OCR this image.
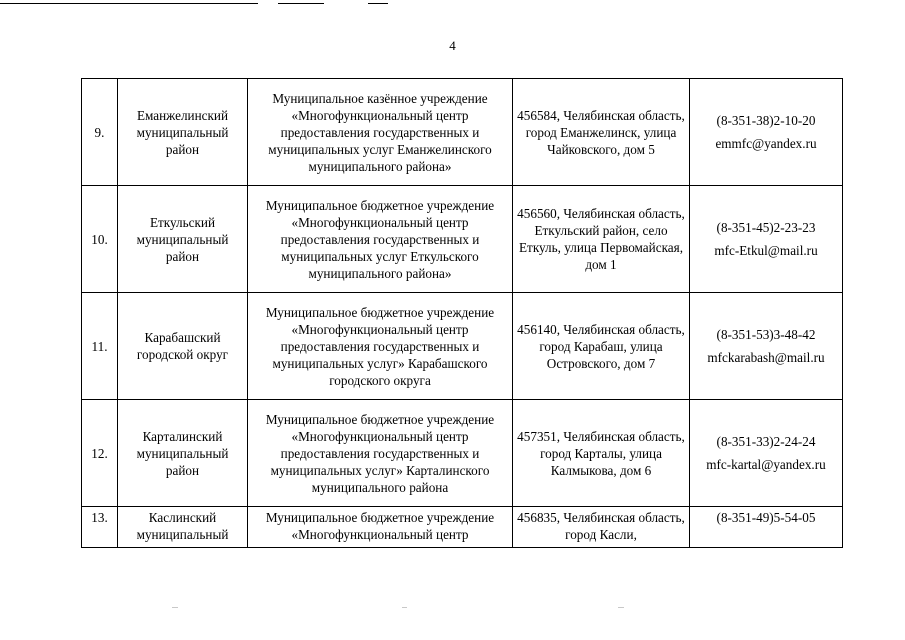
4
9.	Еманжелинский муниципальный район	Муниципальное казённое учреждение «Многофункциональный центр предоставления государственных и муниципальных услуг Еманжелинского муниципального района»	456584, Челябинская область, город Еманжелинск, улица Чайковского, дом 5	(8-351-38)2-10-20
emmfc@yandex.ru

10.	Еткульский муниципальный район	Муниципальное бюджетное учреждение «Многофункциональный центр предоставления государственных и муниципальных услуг Еткульского муниципального района»	456560, Челябинская область, Еткульский район, село Еткуль, улица Первомайская, дом 1	(8-351-45)2-23-23
mfc-Etkul@mail.ru

11.	Карабашский городской округ	Муниципальное бюджетное учреждение «Многофункциональный центр предоставления государственных и муниципальных услуг» Карабашского городского округа	456140, Челябинская область, город Карабаш, улица Островского, дом 7	(8-351-53)3-48-42
mfckarabash@mail.ru

12.	Карталинский муниципальный район	Муниципальное бюджетное учреждение «Многофункциональный центр предоставления государственных и муниципальных услуг» Карталинского муниципального района	457351, Челябинская область, город Карталы, улица Калмыкова, дом 6	(8-351-33)2-24-24
mfc-kartal@yandex.ru

13.	Каслинский муниципальный	Муниципальное бюджетное учреждение «Многофункциональный центр	456835, Челябинская область, город Касли,	(8-351-49)5-54-05
